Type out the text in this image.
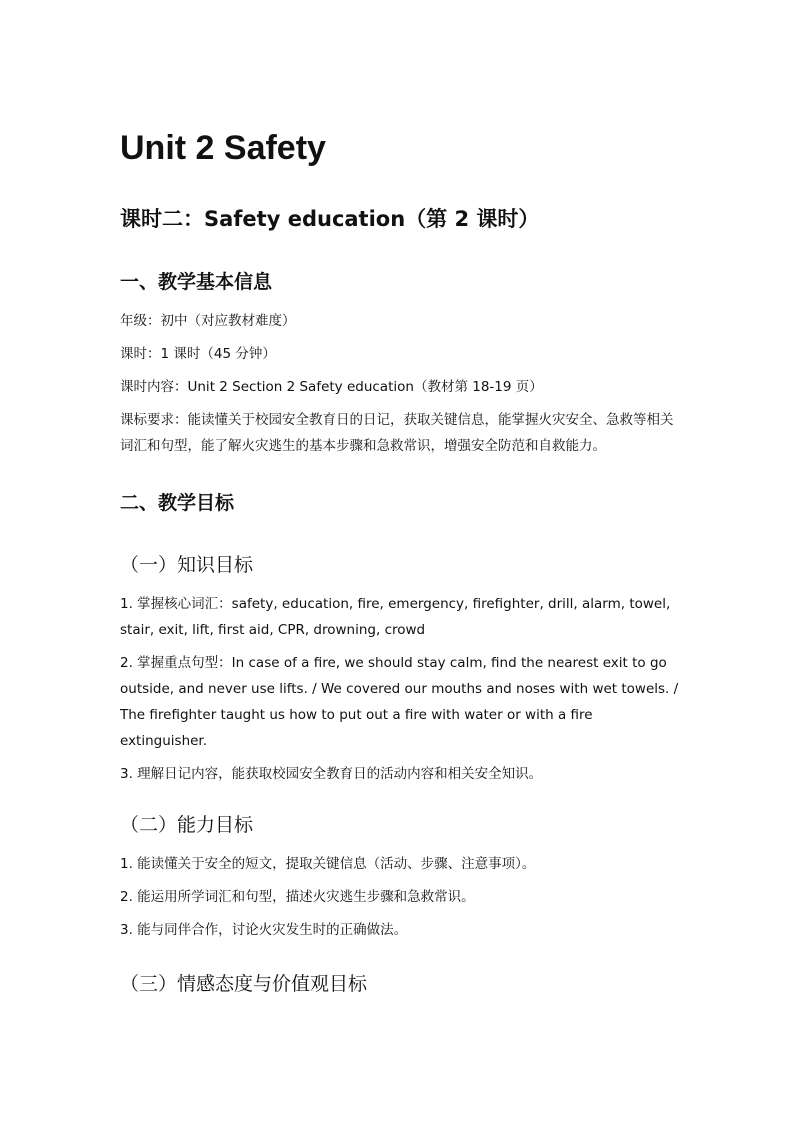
Unit 2 Safety
课时二：Safety education（第 2 课时）
一、教学基本信息

年级：初中（对应教材难度）

课时：1 课时（45 分钟）

课时内容：Unit 2 Section 2 Safety education（教材第 18-19 页）

课标要求：能读懂关于校园安全教育日的日记，获取关键信息，能掌握火灾安全、急救等相关词汇和句型，能了解火灾逃生的基本步骤和急救常识，增强安全防范和自救能力。

二、教学目标
（一）知识目标

1. 掌握核心词汇：safety, education, fire, emergency, firefighter, drill, alarm, towel, stair, exit, lift, first aid, CPR, drowning, crowd

2. 掌握重点句型：In case of a fire, we should stay calm, find the nearest exit to go outside, and never use lifts. / We covered our mouths and noses with wet towels. / The firefighter taught us how to put out a fire with water or with a fire extinguisher.

3. 理解日记内容，能获取校园安全教育日的活动内容和相关安全知识。

（二）能力目标

1. 能读懂关于安全的短文，提取关键信息（活动、步骤、注意事项）。

2. 能运用所学词汇和句型，描述火灾逃生步骤和急救常识。

3. 能与同伴合作，讨论火灾发生时的正确做法。

（三）情感态度与价值观目标
